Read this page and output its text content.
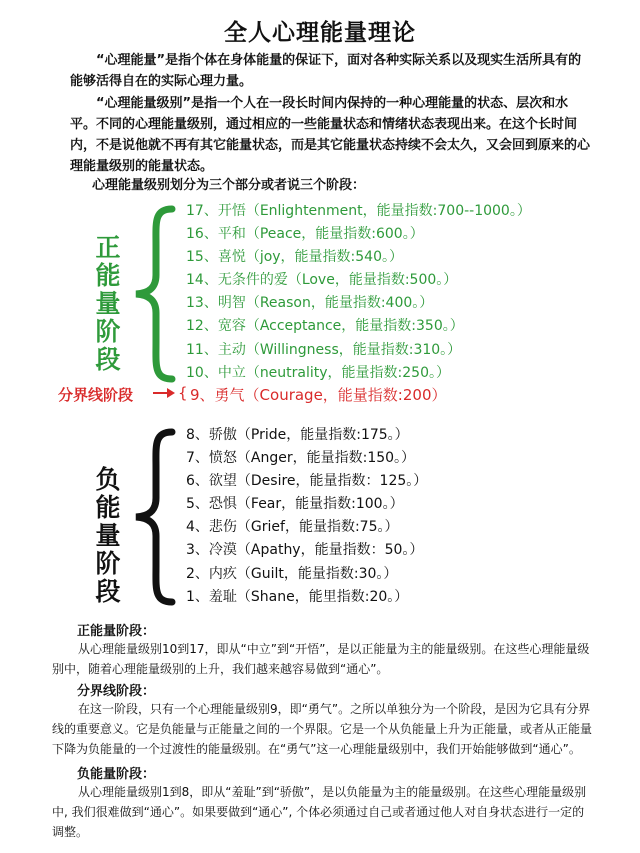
全人心理能量理论
“心理能量”是指个体在身体能量的保证下，面对各种实际关系以及现实生活所具有的能够活得自在的实际心理力量。
“心理能量级别”是指一个人在一段长时间内保持的一种心理能量的状态、层次和水平。不同的心理能量级别，通过相应的一些能量状态和情绪状态表现出来。在这个长时间内，不是说他就不再有其它能量状态，而是其它能量状态持续不会太久，又会回到原来的心理能量级别的能量状态。
心理能量级别划分为三个部分或者说三个阶段：
正
能
量
阶
段
17、开悟（Enlightenment，能量指数:700--1000。）
16、平和（Peace，能量指数:600。）
15、喜悦（joy，能量指数:540。）
14、无条件的爱（Love，能量指数:500。）
13、明智（Reason，能量指数:400。）
12、宽容（Acceptance，能量指数:350。）
11、主动（Willingness，能量指数:310。）
10、中立（neutrality，能量指数:250。）
分界线阶段	{ 9、勇气（Courage，能量指数:200）
负
能
量
阶
段
8、骄傲（Pride，能量指数:175。）
7、愤怒（Anger，能量指数:150。）
6、欲望（Desire，能量指数：125。）
5、恐惧（Fear，能量指数:100。）
4、悲伤（Grief，能量指数:75。）
3、冷漠（Apathy，能量指数：50。）
2、内疚（Guilt，能量指数:30。）
1、羞耻（Shane，能里指数:20。）
正能量阶段：
从心理能量级别10到17，即从“中立”到“开悟”，是以正能量为主的能量级别。在这些心理能量级别中，随着心理能量级别的上升，我们越来越容易做到“通心”。
分界线阶段：
在这一阶段，只有一个心理能量级别9，即“勇气”。之所以单独分为一个阶段，是因为它具有分界线的重要意义。它是负能量与正能量之间的一个界限。它是一个从负能量上升为正能量，或者从正能量下降为负能量的一个过渡性的能量级别。在“勇气”这一心理能量级别中，我们开始能够做到“通心”。
负能量阶段：
从心理能量级别1到8，即从“羞耻”到“骄傲”，是以负能量为主的能量级别。在这些心理能量级别中, 我们很难做到“通心”。如果要做到“通心”, 个体必须通过自己或者通过他人对自身状态进行一定的调整。
